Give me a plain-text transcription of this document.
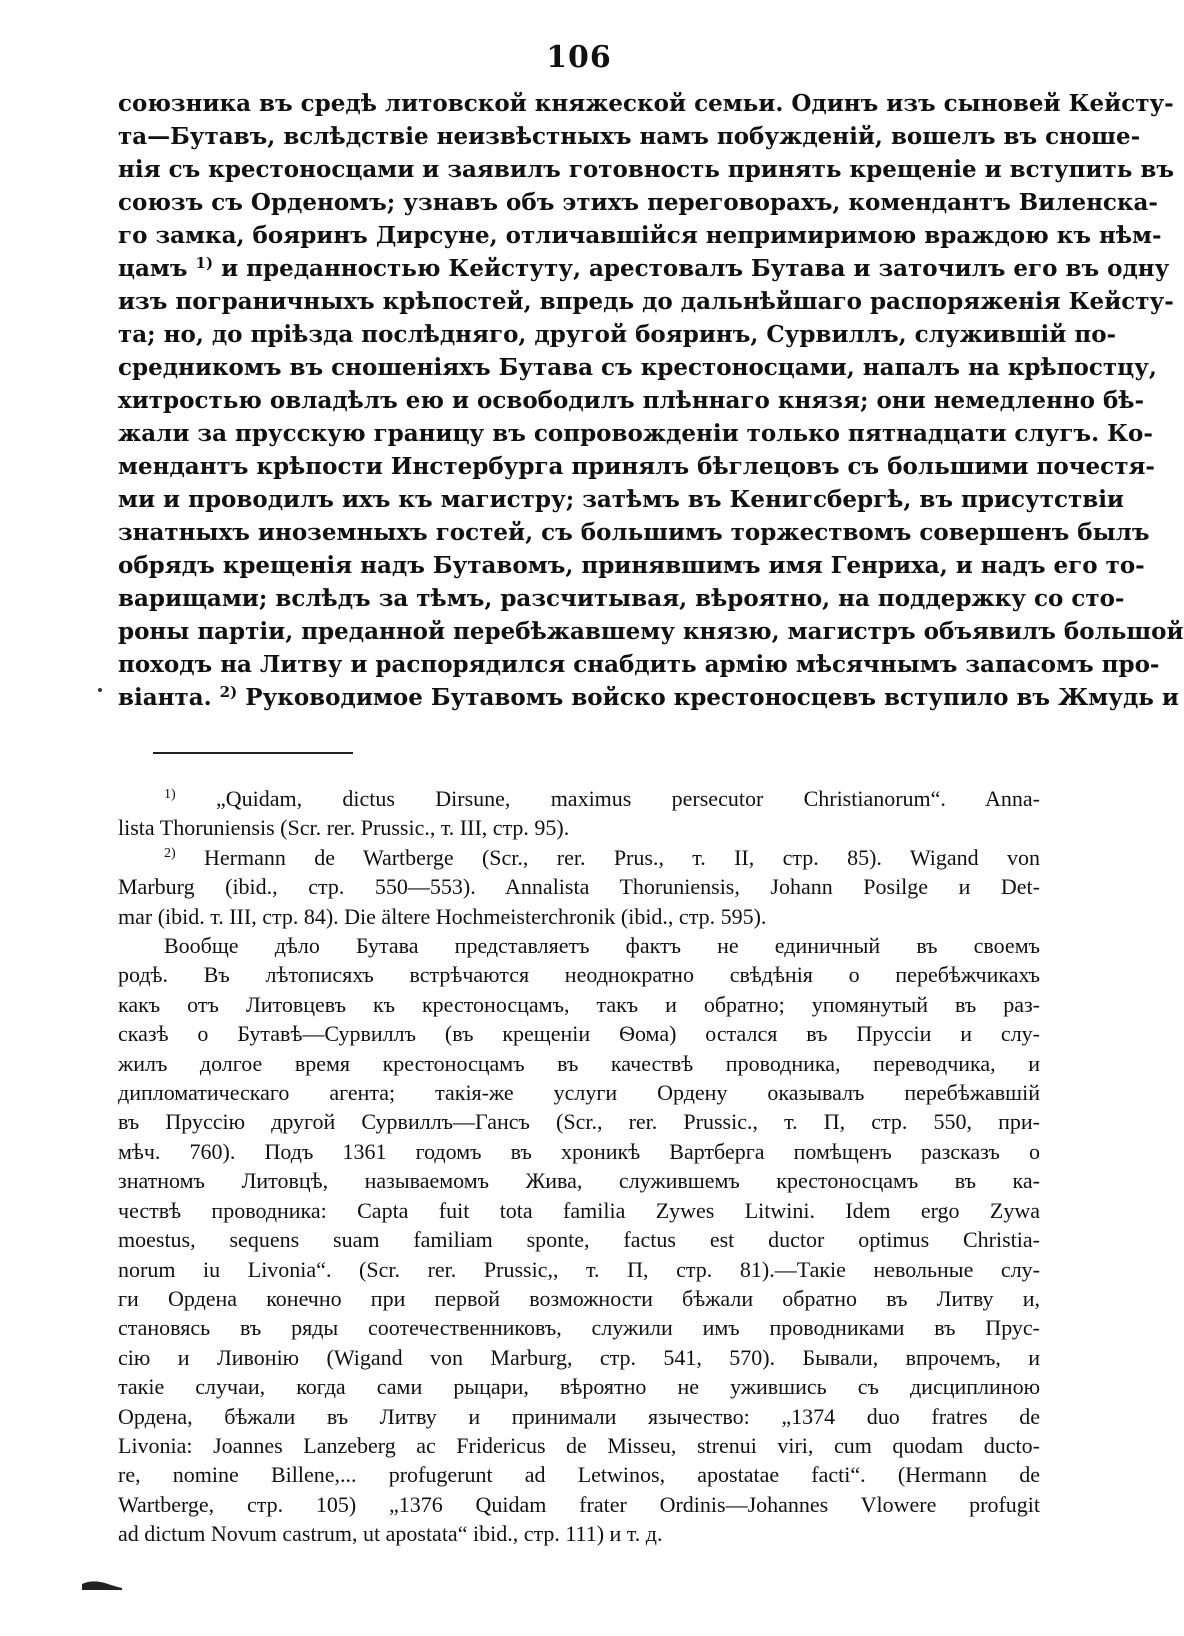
106
союзника въ средѣ литовской княжеской семьи. Одинъ изъ сыновей Кейсту-
та—Бутавъ, вслѣдствіе неизвѣстныхъ намъ побужденій, вошелъ въ сноше-
нія съ крестоносцами и заявилъ готовность принять крещеніе и вступить въ
союзъ съ Орденомъ; узнавъ объ этихъ переговорахъ, комендантъ Виленска-
го замка, бояринъ Дирсуне, отличавшійся непримиримою враждою къ нѣм-
цамъ $^{1)}$ и преданностью Кейстуту, арестовалъ Бутава и заточилъ его въ одну
изъ пограничныхъ крѣпостей, впредь до дальнѣйшаго распоряженія Кейсту-
та; но, до пріѣзда послѣдняго, другой бояринъ, Сурвиллъ, служившій по-
средникомъ въ сношеніяхъ Бутава съ крестоносцами, напалъ на крѣпостцу,
хитростью овладѣлъ ею и освободилъ плѣннаго князя; они немедленно бѣ-
жали за прусскую границу въ сопровожденіи только пятнадцати слугъ. Ко-
мендантъ крѣпости Инстербурга принялъ бѣглецовъ съ большими почестя-
ми и проводилъ ихъ къ магистру; затѣмъ въ Кенигсбергѣ, въ присутствіи
знатныхъ иноземныхъ гостей, съ большимъ торжествомъ совершенъ былъ
обрядъ крещенія надъ Бутавомъ, принявшимъ имя Генриха, и надъ его то-
варищами; вслѣдъ за тѣмъ, разсчитывая, вѣроятно, на поддержку со сто-
роны партіи, преданной перебѣжавшему князю, магистръ объявилъ большой
походъ на Литву и распорядился снабдить армію мѣсячнымъ запасомъ про-
віанта. $^{2)}$ Руководимое Бутавомъ войско крестоносцевъ вступило въ Жмудь и
$^{1)}$ „Quidam, dictus Dirsune, maximus persecutor Christianorum“. Anna-
lista Thoruniensis (Scr. rer. Prussic., т. III, стр. 95).
$^{2)}$ Hermann de Wartberge (Scr., rer. Prus., т. II, стр. 85). Wigand von
Marburg (ibid., стр. 550—553). Annalista Thoruniensis, Johann Posilge и Det-
mar (ibid. т. III, стр. 84). Die ältere Hochmeisterchronik (ibid., стр. 595).
Вообще дѣло Бутава представляетъ фактъ не единичный въ своемъ
родѣ. Въ лѣтописяхъ встрѣчаются неоднократно свѣдѣнія о перебѣжчикахъ
какъ отъ Литовцевъ къ крестоносцамъ, такъ и обратно; упомянутый въ раз-
сказѣ о Бутавѣ—Сурвиллъ (въ крещеніи Ѳома) остался въ Пруссіи и слу-
жилъ долгое время крестоносцамъ въ качествѣ проводника, переводчика, и
дипломатическаго агента; такія-же услуги Ордену оказывалъ перебѣжавшій
въ Пруссію другой Сурвиллъ—Гансъ (Scr., rer. Prussic., т. П, стр. 550, при-
мѣч. 760). Подъ 1361 годомъ въ хроникѣ Вартберга помѣщенъ разсказъ о
знатномъ Литовцѣ, называемомъ Жива, служившемъ крестоносцамъ въ ка-
чествѣ проводника: Capta fuit tota familia Zywes Litwini. Idem ergo Zywa
moestus, sequens suam familiam sponte, factus est ductor optimus Christia-
norum iu Livonia“. (Scr. rer. Prussic,, т. П, стр. 81).—Такіе невольные слу-
ги Ордена конечно при первой возможности бѣжали обратно въ Литву и,
становясь въ ряды соотечественниковъ, служили имъ проводниками въ Прус-
сію и Ливонію (Wigand von Marburg, стр. 541, 570). Бывали, впрочемъ, и
такіе случаи, когда сами рыцари, вѣроятно не ужившись съ дисциплиною
Ордена, бѣжали въ Литву и принимали язычество: „1374 duo fratres de
Livonia: Joannes Lanzeberg ac Fridericus de Misseu, strenui viri, cum quodam ducto-
re, nomine Billene,... profugerunt ad Letwinos, apostatae facti“. (Hermann de
Wartberge, стр. 105) „1376 Quidam frater Ordinis—Johannes Vlowere profugit
ad dictum Novum castrum, ut apostata“ ibid., стр. 111) и т. д.
